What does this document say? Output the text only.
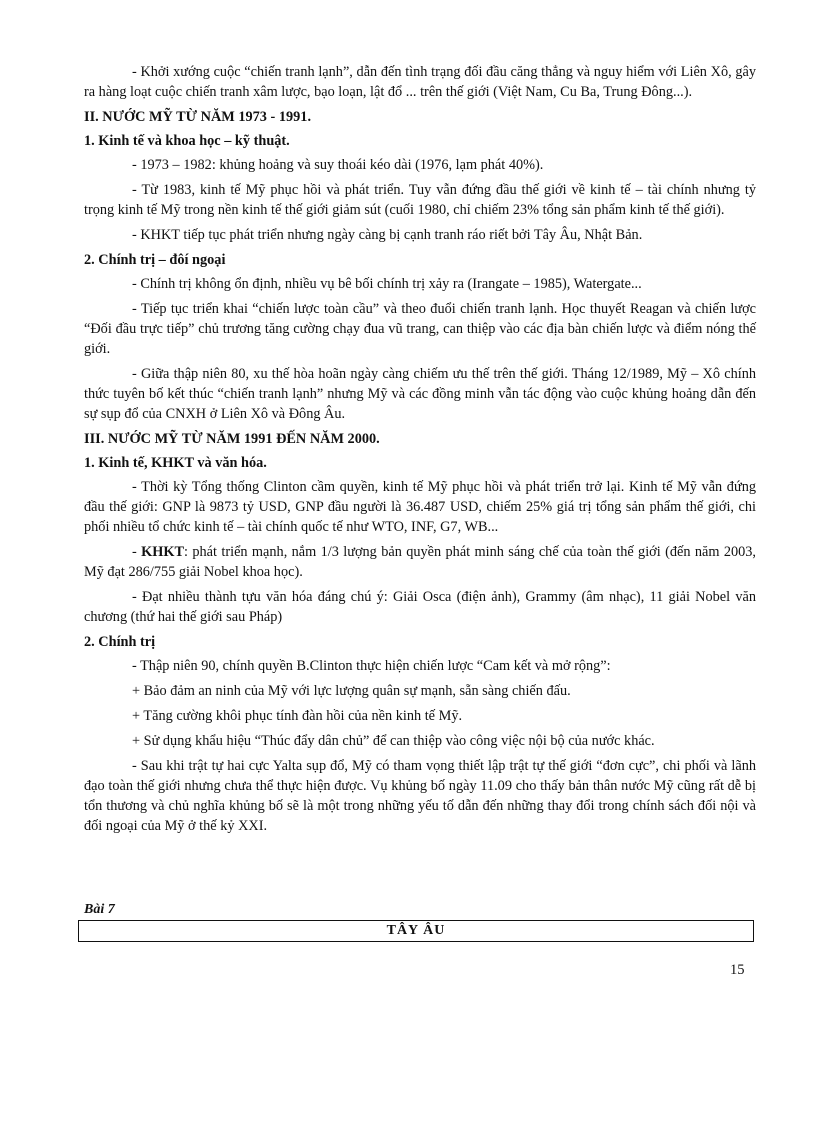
- Khởi xướng cuộc “chiến tranh lạnh”, dẫn đến tình trạng đối đầu căng thẳng và nguy hiểm với Liên Xô, gây ra hàng loạt cuộc chiến tranh xâm lược, bạo loạn, lật đổ ... trên thế giới (Việt Nam, Cu Ba, Trung Đông...).

II. NƯỚC MỸ TỪ NĂM 1973 - 1991.

1. Kinh tế và khoa học – kỹ thuật.

- 1973 – 1982: khủng hoảng và suy thoái kéo dài (1976, lạm phát 40%).

- Từ 1983, kinh tế Mỹ phục hồi và phát triển. Tuy vẫn đứng đầu thế giới về kinh tế – tài chính nhưng tỷ trọng kinh tế Mỹ trong nền kinh tế thế giới giảm sút (cuối 1980, chỉ chiếm 23% tổng sản phẩm kinh tế thế giới).

- KHKT tiếp tục phát triển nhưng ngày càng bị cạnh tranh ráo riết bởi Tây Âu, Nhật Bản.

2. Chính trị – đôí ngoại

- Chính trị không ổn định, nhiều vụ bê bối chính trị xảy ra (Irangate – 1985), Watergate...

- Tiếp tục triển khai “chiến lược toàn cầu” và theo đuổi chiến tranh lạnh. Học thuyết Reagan và chiến lược “Đối đầu trực tiếp” chủ trương tăng cường chạy đua vũ trang, can thiệp vào các địa bàn chiến lược và điểm nóng thế giới.

- Giữa thập niên 80, xu thế hòa hoãn ngày càng chiếm ưu thế trên thế giới. Tháng 12/1989, Mỹ – Xô chính thức tuyên bố kết thúc “chiến tranh lạnh” nhưng Mỹ và các đồng minh vẫn tác động vào cuộc khủng hoảng dẫn đến sự sụp đổ của CNXH ở Liên Xô và Đông Âu.

III. NƯỚC MỸ TỪ NĂM 1991 ĐẾN NĂM 2000.

1. Kinh tế, KHKT và văn hóa.

- Thời kỳ Tổng thống Clinton cầm quyền, kinh tế Mỹ phục hồi và phát triển trở lại. Kinh tế Mỹ vẫn đứng đầu thế giới: GNP là 9873 tỷ USD, GNP đầu người là 36.487 USD, chiếm 25% giá trị tổng sản phẩm thế giới, chi phối nhiều tổ chức kinh tế – tài chính quốc tế như WTO, INF, G7, WB...

- KHKT: phát triển mạnh, nắm 1/3 lượng bản quyền phát minh sáng chế của toàn thế giới (đến năm 2003, Mỹ đạt 286/755 giải Nobel khoa học).

- Đạt nhiều thành tựu văn hóa đáng chú ý: Giải Osca (điện ảnh), Grammy (âm nhạc), 11 giải Nobel văn chương (thứ hai thế giới sau Pháp)

2. Chính trị

- Thập niên 90, chính quyền B.Clinton thực hiện chiến lược “Cam kết và mở rộng”:

+ Bảo đảm an ninh của Mỹ với lực lượng quân sự mạnh, sẵn sàng chiến đấu.

+ Tăng cường khôi phục tính đàn hồi của nền kinh tế Mỹ.

+ Sử dụng khẩu hiệu “Thúc đẩy dân chủ” để can thiệp vào công việc nội bộ của nước khác.

- Sau khi trật tự hai cực Yalta sụp đổ, Mỹ có tham vọng thiết lập trật tự thế giới “đơn cực”, chi phối và lãnh đạo toàn thế giới nhưng chưa thể thực hiện được. Vụ khủng bố ngày 11.09 cho thấy bản thân nước Mỹ cũng rất dễ bị tổn thương và chủ nghĩa khủng bố sẽ là một trong những yếu tố dẫn đến những thay đổi trong chính sách đối nội và đối ngoại của Mỹ ở thế kỷ XXI.

Bài 7
TÂY ÂU
15
